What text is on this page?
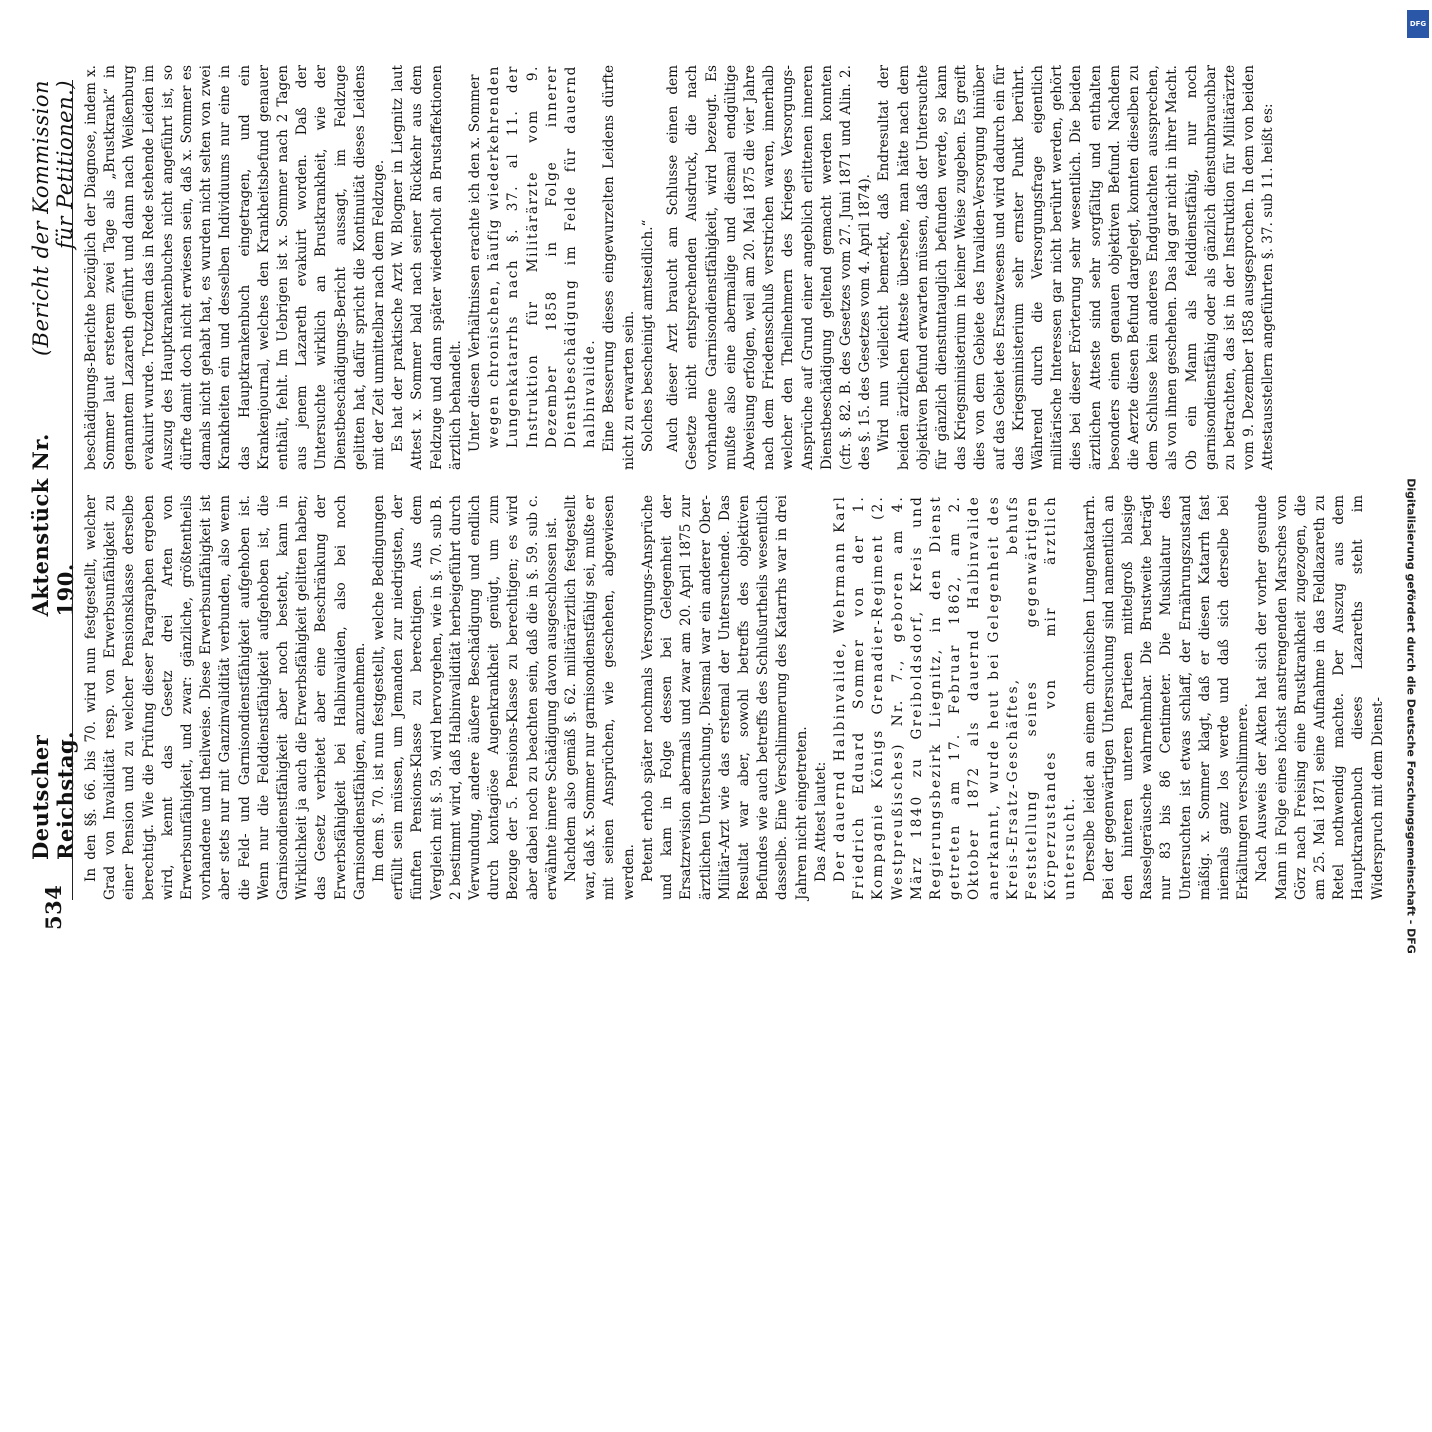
534
Deutscher Reichstag.
Aktenstück Nr. 190.
(Bericht der Kommission für Petitionen.)

In den §§. 66. bis 70. wird nun festgestellt, welcher Grad von Invalidität resp. von Erwerbsunfähigkeit zu einer Pension und zu welcher Pensionsklasse derselbe berechtigt. Wie die Prüfung dieser Paragraphen ergeben wird, kennt das Gesetz drei Arten von Erwerbsunfähigkeit, und zwar: gänzliche, größtentheils vorhandene und theilweise. Diese Erwerbsunfähigkeit ist aber stets nur mit Ganzinvalidität verbunden, also wenn die Feld- und Garnisondienstfähigkeit aufgehoben ist. Wenn nur die Felddienstfähigkeit aufgehoben ist, die Garnisondienstfähigkeit aber noch besteht, kann in Wirklichkeit ja auch die Erwerbsfähigkeit gelitten haben; das Gesetz verbietet aber eine Beschränkung der Erwerbsfähigkeit bei Halbinvaliden, also bei noch Garnisondienstfähigen, anzunehmen. Im dem §. 70. ist nun festgestellt, welche Bedingungen erfüllt sein müssen, um Jemanden zur niedrigsten, der fünften Pensions-Klasse zu berechtigen. Aus dem Vergleich mit §. 59. wird hervorgehen, wie in §. 70. sub B. 2 bestimmt wird, daß Halbinvalidität herbeigeführt durch Verwundung, andere äußere Beschädigung und endlich durch kontagiöse Augenkrankheit genügt, um zum Bezuge der 5. Pensions-Klasse zu berechtigen; es wird aber dabei noch zu beachten sein, daß die in §. 59. sub c. erwähnte innere Schädigung davon ausgeschlossen ist. Nachdem also gemäß §. 62. militärärztlich festgestellt war, daß x. Sommer nur garnisondienstfähig sei, mußte er mit seinen Ansprüchen, wie geschehen, abgewiesen werden. Petent erhob später nochmals Versorgungs-Ansprüche und kam in Folge dessen bei Gelegenheit der Ersatzrevision abermals und zwar am 20. April 1875 zur ärztlichen Untersuchung. Diesmal war ein anderer Ober-Militär-Arzt wie das erstemal der Untersuchende. Das Resultat war aber, sowohl betreffs des objektiven Befundes wie auch betreffs des Schlußurtheils wesentlich dasselbe. Eine Verschlimmerung des Katarrhs war in drei Jahren nicht eingetreten. Das Attest lautet: Der dauernd Halbinvalide, Wehrmann Karl Friedrich Eduard Sommer von der 1. Kompagnie Königs Grenadier-Regiment (2. Westpreußisches) Nr. 7., geboren am 4. März 1840 zu Greiboldsdorf, Kreis und Regierungsbezirk Liegnitz, in den Dienst getreten am 17. Februar 1862, am 2. Oktober 1872 als dauernd Halbinvalide anerkannt, wurde heut bei Gelegenheit des Kreis-Ersatz-Geschäftes, behufs Feststellung seines gegenwärtigen Körperzustandes von mir ärztlich untersucht. Derselbe leidet an einem chronischen Lungenkatarrh. Bei der gegenwärtigen Untersuchung sind namentlich an den hinteren unteren Partieen mittelgroß blasige Rasselgeräusche wahrnehmbar. Die Brustweite beträgt nur 83 bis 86 Centimeter. Die Muskulatur des Untersuchten ist etwas schlaff, der Ernährungszustand mäßig. x. Sommer klagt, daß er diesen Katarrh fast niemals ganz los werde und daß sich derselbe bei Erkältungen verschlimmere. Nach Ausweis der Akten hat sich der vorher gesunde Mann in Folge eines höchst anstrengenden Marsches von Görz nach Freising eine Brustkrankheit zugezogen, die am 25. Mai 1871 seine Aufnahme in das Feldlazareth zu Retel nothwendig machte. Der Auszug aus dem Hauptkrankenbuch dieses Lazareths steht im Widerspruch mit dem Dienst-

beschädigungs-Berichte bezüglich der Diagnose, indem x. Sommer laut ersterem zwei Tage als „Brustkrank“ in genanntem Lazareth geführt und dann nach Weißenburg evakuirt wurde. Trotzdem das in Rede stehende Leiden im Auszug des Hauptkrankenbuches nicht angeführt ist, so dürfte damit doch nicht erwiesen sein, daß x. Sommer es damals nicht gehabt hat, es wurden nicht selten von zwei Krankheiten ein und desselben Individuums nur eine in das Hauptkrankenbuch eingetragen, und ein Krankenjournal, welches den Krankheitsbefund genauer enthält, fehlt. Im Uebrigen ist x. Sommer nach 2 Tagen aus jenem Lazareth evakuirt worden. Daß der Untersuchte wirklich an Brustkrankheit, wie der Dienstbeschädigungs-Bericht aussagt, im Feldzuge gelitten hat, dafür spricht die Kontinuität dieses Leidens mit der Zeit unmittelbar nach dem Feldzuge. Es hat der praktische Arzt W. Blogner in Liegnitz laut Attest x. Sommer bald nach seiner Rückkehr aus dem Feldzuge und dann später wiederholt an Brustaffektionen ärztlich behandelt. Unter diesen Verhältnissen erachte ich den x. Sommer wegen chronischen, häufig wiederkehrenden Lungenkatarrhs nach §. 37. al 11. der Instruktion für Militärärzte vom 9. Dezember 1858 in Folge innerer Dienstbeschädigung im Felde für dauernd halbinvalide. Eine Besserung dieses eingewurzelten Leidens dürfte nicht zu erwarten sein. Solches bescheinigt amtseidlich.“ Auch dieser Arzt braucht am Schlusse einen dem Gesetze nicht entsprechenden Ausdruck, die nach vorhandene Garnisondienstfähigkeit, wird bezeugt. Es mußte also eine abermalige und diesmal endgültige Abweisung erfolgen, weil am 20. Mai 1875 die vier Jahre nach dem Friedensschluß verstrichen waren, innerhalb welcher den Theilnehmern des Krieges Versorgungs-Ansprüche auf Grund einer angeblich erlittenen inneren Dienstbeschädigung geltend gemacht werden konnten (cfr. §. 82. B. des Gesetzes vom 27. Juni 1871 und Alin. 2. des §. 15. des Gesetzes vom 4. April 1874). Wird nun vielleicht bemerkt, daß Endresultat der beiden ärztlichen Atteste übersehe, man hätte nach dem objektiven Befund erwarten müssen, daß der Untersuchte für gänzlich dienstuntauglich befunden werde, so kann das Kriegsministerium in keiner Weise zugeben. Es greift dies von dem Gebiete des Invaliden-Versorgung hinüber auf das Gebiet des Ersatzwesens und wird dadurch ein für das Kriegsministerium sehr ernster Punkt berührt. Während durch die Versorgungsfrage eigentlich militärische Interessen gar nicht berührt werden, gehört dies bei dieser Erörterung sehr wesentlich. Die beiden ärztlichen Atteste sind sehr sorgfältig und enthalten besonders einen genauen objektiven Befund. Nachdem die Aerzte diesen Befund dargelegt, konnten dieselben zu dem Schlusse kein anderes Endgutachten aussprechen, als von ihnen geschehen. Das lag gar nicht in ihrer Macht. Ob ein Mann als felddienstfähig, nur noch garnisondienstfähig oder als gänzlich dienstunbrauchbar zu betrachten, das ist in der Instruktion für Militärärzte vom 9. Dezember 1858 ausgesprochen. In dem von beiden Attestausstellern angeführten §. 37. sub 11. heißt es:

Digitalisierung gefördert durch die Deutsche Forschungsgemeinschaft - DFG
DFG
